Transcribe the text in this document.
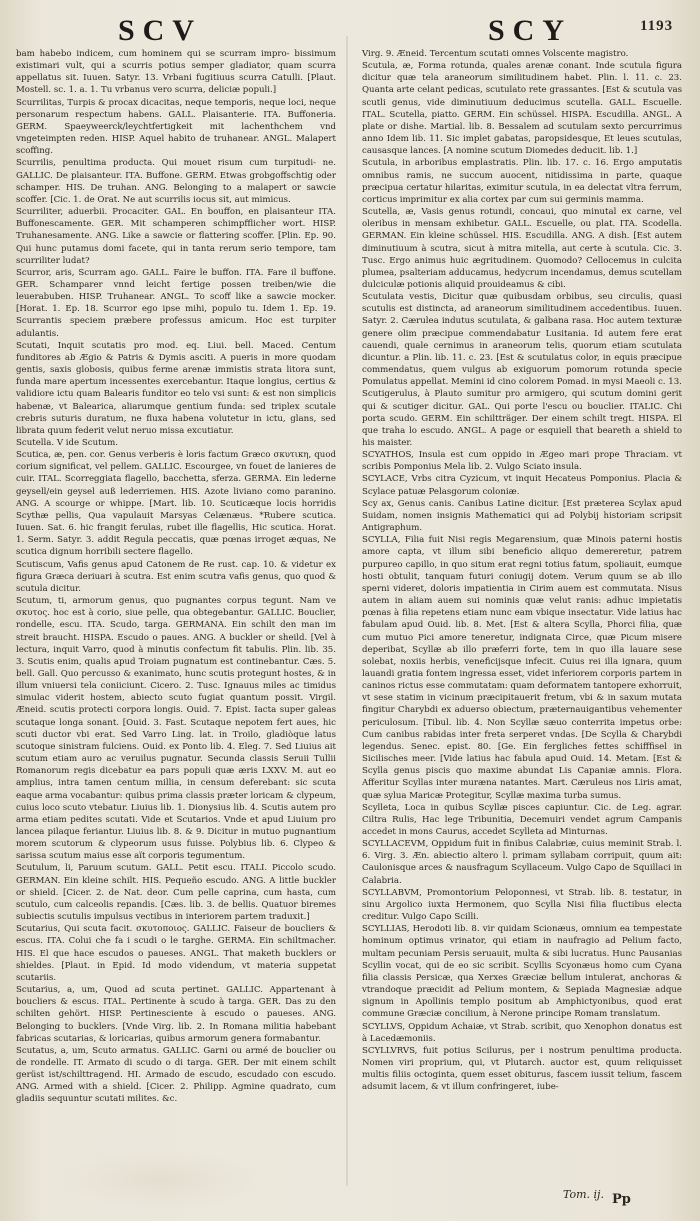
SCV	SCY	1193

bam habebo indicem, cum hominem qui se scurram impro- bissimum existimari vult, qui a scurris potius semper gladiator, quam scurra appellatus sit. Iuuen. Satyr. 13. Vrbani fugitiuus scurra Catulli. [Plaut. Mostell. sc. 1. a. 1. Tu vrbanus vero scurra, deliciæ populi.]

Scurrilitas, Turpis & procax dicacitas, neque temporis, neque loci, neque personarum respectum habens. GALL. Plaisanterie. ITA. Buffoneria. GERM. Spaeyweerck/leychtfertigkeit mit lachenthchem vnd vngeteimpten reden. HISP. Aquel habito de truhanear. ANGL. Malapert scoffing.

Scurrilis, penultima producta. Qui mouet risum cum turpitudi- ne. GALLIC. De plaisanteur. ITA. Buffone. GERM. Etwas grobgoffschtig oder schamper. HIS. De truhan. ANG. Belonging to a malapert or sawcie scoffer. [Cic. 1. de Orat. Ne aut scurrilis iocus sit, aut mimicus.

Scurriliter, aduerbii. Procaciter. GAL. En bouffon, en plaisanteur ITA. Buffonescamente. GER. Mit schamperen schimpfflicher wort. HISP. Truhanesamente. ANG. Like a sawcie or flattering scoffer. [Plin. Ep. 90. Qui hunc putamus domi facete, qui in tanta rerum serio tempore, tam scurriliter ludat?

Scurror, aris, Scurram ago. GALL. Faire le buffon. ITA. Fare il buffone. GER. Schamparer vnnd leicht fertige possen treiben/wie die leuerabuben. HISP. Truhanear. ANGL. To scoff like a sawcie mocker. [Horat. 1. Ep. 18. Scurror ego ipse mihi, populo tu. Idem 1. Ep. 19. Scurrantis speciem præbere professus amicum. Hoc est turpiter adulantis.

Scutati, Inquit scutatis pro mod. eq. Liui. bell. Maced. Centum funditores ab Ægio & Patris & Dymis asciti. A pueris in more quodam gentis, saxis globosis, quibus ferme arenæ immistis strata litora sunt, funda mare apertum incessentes exercebantur. Itaque longius, certius & validiore ictu quam Balearis funditor eo telo vsi sunt: & est non simplicis habenæ, vt Balearica, aliarumque gentium funda: sed triplex scutale crebris suturis duratum, ne fluxa habena volutetur in ictu, glans, sed librata quum federit velut neruo missa excutiatur.

Scutella. V ide Scutum.

Scutica, æ, pen. cor. Genus verberis è loris factum Græco σκυτικη, quod corium significat, vel pellem. GALLIC. Escourgee, vn fouet de lanieres de cuir. ITAL. Scorreggiata flagello, bacchetta, sferza. GERMA. Ein lederne geysell/ein geysel auß lederriemen. HIS. Azote liviano como paranino. ANG. A scourge or whippe. [Mart. lib. 10. Scuticæque locis horridis Scythæ pellis, Qua vapulauit Marsyas Celænæus. *Rubere scutica. Iuuen. Sat. 6. hic frangit ferulas, rubet ille flagellis, Hic scutica. Horat. 1. Serm. Satyr. 3. addit Regula peccatis, quæ pœnas irroget æquas, Ne scutica dignum horribili sectere flagello.

Scutiscum, Vafis genus apud Catonem de Re rust. cap. 10. & videtur ex figura Græca deriuari à scutra. Est enim scutra vafis genus, quo quod & scutula dicitur.

Scutum, ti, armorum genus, quo pugnantes corpus tegunt. Nam ve σκυτος. hoc est à corio, siue pelle, qua obtegebantur. GALLIC. Bouclier, rondelle, escu. ITA. Scudo, targa. GERMANA. Ein schilt den man im streit braucht. HISPA. Escudo o paues. ANG. A buckler or sheild. [Vel à lectura, inquit Varro, quod à minutis confectum fit tabulis. Plin. lib. 35. 3. Scutis enim, qualis apud Troiam pugnatum est continebantur. Cæs. 5. bell. Gall. Quo percusso & exanimato, hunc scutis protegunt hostes, & in illum vniuersi tela coniiciunt. Cicero. 2. Tusc. Ignauus miles ac timidus simulac viderit hostem, abiecto scuto fugiat quantum possit. Virgil. Æneid. scutis protecti corpora longis. Ouid. 7. Epist. Iacta super galeas scutaque longa sonant. [Ouid. 3. Fast. Scutaque nepotem fert aues, hic scuti ductor vbi erat. Sed Varro Ling. lat. in Troilo, gladiòque latus scutoque sinistram fulciens. Ouid. ex Ponto lib. 4. Eleg. 7. Sed Liuius ait scutum etiam auro ac veruilus pugnatur. Secunda classis Seruii Tullii Romanorum regis dicebatur ea pars populi quæ æris LXXV. M. aut eo amplius, intra tamen centum millia, in censum deferebant: sic scuta eaque arma vocabantur: quibus prima classis præter loricam & clypeum, cuius loco scuto vtebatur. Liuius lib. 1. Dionysius lib. 4. Scutis autem pro arma etiam pedites scutati. Vide et Scutarios. Vnde et apud Liuium pro lancea pilaque feriantur. Liuius lib. 8. & 9. Dicitur in mutuo pugnantium morem scutorum & clypeorum usus fuisse. Polybius lib. 6. Clypeo & sarissa scutum maius esse aït corporis tegumentum.

Scutulum, li, Paruum scutum. GALL. Petit escu. ITALI. Piccolo scudo. GERMAN. Ein kleine schilt. HIS. Pequeño escudo. ANG. A little buckler or shield. [Cicer. 2. de Nat. deor. Cum pelle caprina, cum hasta, cum scutulo, cum calceolis repandis. [Cæs. lib. 3. de bellis. Quatuor biremes subiectis scutulis impulsus vectibus in interiorem partem traduxit.]

Scutarius, Qui scuta facit. σκυτοποιος. GALLIC. Faiseur de boucliers & escus. ITA. Colui che fa i scudi o le targhe. GERMA. Ein schiltmacher. HIS. El que hace escudos o paueses. ANGL. That maketh bucklers or shieldes. [Plaut. in Epid. Id modo videndum, vt materia suppetat scutariis.

Scutarius, a, um, Quod ad scuta pertinet. GALLIC. Appartenant à boucliers & escus. ITAL. Pertinente à scudo à targa. GER. Das zu den schilten gehört. HISP. Pertinesciente à escudo o paueses. ANG. Belonging to bucklers. [Vnde Virg. lib. 2. In Romana militia habebant fabricas scutarias, & loricarias, quibus armorum genera formabantur.

Scutatus, a, um, Scuto armatus. GALLIC. Garni ou armé de bouclier ou de rondelle. IT. Armato di scudo o di targa. GER. Der mit einem schilt gerüst ist/schilttragend. HI. Armado de escudo, escudado con escudo. ANG. Armed with a shield. [Cicer. 2. Philipp. Agmine quadrato, cum gladiis sequuntur scutati milites. &c.

Virg. 9. Æneid. Tercentum scutati omnes Volscente magistro.

Scutula, æ, Forma rotunda, quales arenæ conant. Inde scutula figura dicitur quæ tela araneorum similitudinem habet. Plin. l. 11. c. 23. Quanta arte celant pedicas, scutulato rete grassantes. [Est & scutula vas scutli genus, vide diminutiuum deducimus scutella. GALL. Escuelle. ITAL. Scutella, piatto. GERM. Ein schüssel. HISPA. Escudilla. ANGL. A plate or dishe. Martial. lib. 8. Bessalem ad scutulam sexto percurrimus anno Idem lib. 11. Sic implet gabatas, paropsidesque, Et leues scutulas, causasque lances. [A nomine scutum Diomedes deducit. lib. 1.]

Scutula, in arboribus emplastratis. Plin. lib. 17. c. 16. Ergo amputatis omnibus ramis, ne succum auocent, nitidissima in parte, quaque præcipua certatur hilaritas, eximitur scutula, in ea delectat vltra ferrum, corticus imprimitur ex alia cortex par cum sui germinis mamma.

Scutella, æ, Vasis genus rotundi, concaui, quo minutal ex carne, vel oleribus in mensam exhibetur. GALL. Escuelle, ou plat. ITA. Scodella. GERMAN. Ein kleine schüssel. HIS. Escudilla. ANG. A dish. [Est autem diminutiuum à scutra, sicut à mitra mitella, aut certe à scutula. Cic. 3. Tusc. Ergo animus huic ægritudinem. Quomodo? Cellocemus in culcita plumea, psalteriam adducamus, hedycrum incendamus, demus scutellam dulciculæ potionis aliquid prouideamus & cibi.

Scutulata vestis, Dicitur quæ quibusdam orbibus, seu circulis, quasi scutulis est distincta, ad araneorum similitudinem accedentibus. Iuuen. Satyr. 2. Cærulea indutus scutulata, & galbana rasa. Hoc autem texturæ genere olim præcipue commendabatur Lusitania. Id autem fere erat cauendi, quale cernimus in araneorum telis, quorum etiam scutulata dicuntur. a Plin. lib. 11. c. 23. [Est & scutulatus color, in equis præcipue commendatus, quem vulgus ab exiguorum pomorum rotunda specie Pomulatus appellat. Memini id cino colorem Pomad. in mysi Maeoli c. 13.

Scutigerulus, à Plauto sumitur pro armigero, qui scutum domini gerit qui & scutiger dicitur. GAL. Qui porte l'escu ou bouclier. ITALIC. Chi porta scudo. GERM. Ein schiltträger. Der einem schilt tregt. HISPA. El que traha lo escudo. ANGL. A page or esquiell that beareth a shield to his maister.

SCYATHOS, Insula est cum oppido in Ægeo mari prope Thraciam. vt scribis Pomponius Mela lib. 2. Vulgo Sciato insula.

SCYLACE, Vrbs citra Cyzicum, vt inquit Hecateus Pomponius. Placia & Scylace patuæ Pelasgorum coloniæ.

Scy ax, Genus canis. Canibus Latine dicitur. [Est præterea Scylax apud Suidam, nomen insignis Mathematici qui ad Polybij historiam scripsit Antigraphum.

SCYLLA, Filia fuit Nisi regis Megarensium, quæ Minois paterni hostis amore capta, vt illum sibi beneficio aliquo demereretur, patrem purpureo capillo, in quo situm erat regni totius fatum, spoliauit, eumque hosti obtulit, tanquam futuri coniugij dotem. Verum quum se ab illo sperni videret, doloris impatientia in Cirim auem est commutata. Nisus autem in aliam auem sui nominis quæ velut ranis: adhuc impietatis pœnas à filia repetens etiam nunc eam vbique insectatur. Vide latius hac fabulam apud Ouid. lib. 8. Met. [Est & altera Scylla, Phorci filia, quæ cum mutuo Pici amore teneretur, indignata Circe, quæ Picum misere deperibat, Scyllæ ab illo præferri forte, tem in quo illa lauare sese solebat, noxiis herbis, veneficijsque infecit. Cuius rei illa ignara, quum lauandi gratia fontem ingressa esset, videt inferiorem corporis partem in caninos rictus esse commutatam: quam deformatem tantopere exhorruit, vt sese statim in vicinum præcipitauerit fretum, vbi & in saxum mutata fingitur Charybdi ex aduerso obiectum, præternauigantibus vehementer periculosum. [Tibul. lib. 4. Non Scyllæ sæuo conterrita impetus orbe: Cum canibus rabidas inter freta serperet vndas. [De Scylla & Charybdi legendus. Senec. epist. 80. [Ge. Ein fergliches fettes schifffisel in Sicilisches meer. [Vide latius hac fabula apud Ouid. 14. Metam. [Est & Scylla genus piscis quo maxime abundat Lis Capaniæ amnis. Flora. Afferitur Scyllas inter muræna natantes. Mart. Cæruleus nos Liris amat, quæ sylua Maricæ Protegitur, Scyllæ maxima turba sumus.

Scylleta, Loca in quibus Scyllæ pisces capiuntur. Cic. de Leg. agrar. Ciltra Rulis, Hac lege Tribunitia, Decemuiri vendet agrum Campanis accedet in mons Caurus, accedet Scylleta ad Minturnas.

SCYLLACEVM, Oppidum fuit in finibus Calabriæ, cuius meminit Strab. l. 6. Virg. 3. Æn. abiectio altero l. primam syllabam corripuit, quum ait: Caulonisque arces & nausfragum Scyllaceum. Vulgo Capo de Squillaci in Calabria.

SCYLLABVM, Promontorium Peloponnesi, vt Strab. lib. 8. testatur, in sinu Argolico iuxta Hermonem, quo Scylla Nisi filia fluctibus electa creditur. Vulgo Capo Scilli.

SCYLLIAS, Herodoti lib. 8. vir quidam Scionæus, omnium ea tempestate hominum optimus vrinator, qui etiam in naufragio ad Pelium facto, multam pecuniam Persis seruauit, multa & sibi lucratus. Hunc Pausanias Scyllin vocat, qui de eo sic scribit. Scyllis Scyonæus homo cum Cyana filia classis Persicæ, qua Xerxes Græciæ bellum intulerat, anchoras & vtrandoque præcidit ad Pelium montem, & Sepiada Magnesiæ adque signum in Apollinis templo positum ab Amphictyonibus, quod erat commune Græciæ concilium, à Nerone principe Romam translatum.

SCYLLVS, Oppidum Achaiæ, vt Strab. scribit, quo Xenophon donatus est à Lacedæmoniis.

SCYLLVRVS, fuit potius Scilurus, per i nostrum penultima producta. Nomen viri proprium, qui, vt Plutarch. auctor est, quum reliquisset multis filiis octoginta, quem esset obiturus, fascem iussit telium, fascem adsumit lacem, & vt illum confringeret, iube-

Tom. ij. Pp
